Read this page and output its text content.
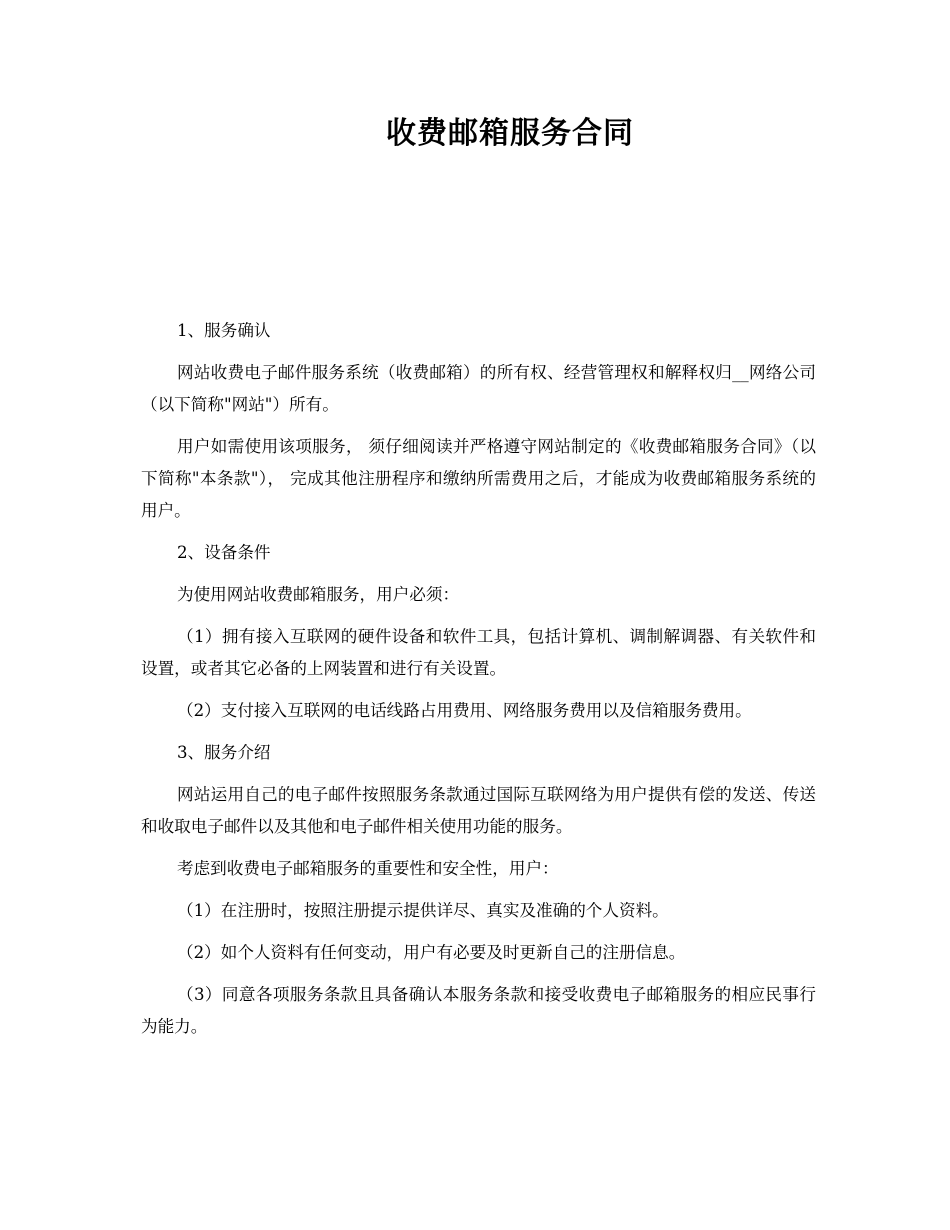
收费邮箱服务合同

1、服务确认

网站收费电子邮件服务系统（收费邮箱）的所有权、经营管理权和解释权归__网络公司（以下简称"网站"）所有。

用户如需使用该项服务， 须仔细阅读并严格遵守网站制定的《收费邮箱服务合同》（以下简称"本条款"）， 完成其他注册程序和缴纳所需费用之后，才能成为收费邮箱服务系统的用户。

2、设备条件

为使用网站收费邮箱服务，用户必须：

（1）拥有接入互联网的硬件设备和软件工具，包括计算机、调制解调器、有关软件和设置，或者其它必备的上网装置和进行有关设置。

（2）支付接入互联网的电话线路占用费用、网络服务费用以及信箱服务费用。

3、服务介绍

网站运用自己的电子邮件按照服务条款通过国际互联网络为用户提供有偿的发送、传送和收取电子邮件以及其他和电子邮件相关使用功能的服务。

考虑到收费电子邮箱服务的重要性和安全性，用户：

（1）在注册时，按照注册提示提供详尽、真实及准确的个人资料。

（2）如个人资料有任何变动，用户有必要及时更新自己的注册信息。

（3）同意各项服务条款且具备确认本服务条款和接受收费电子邮箱服务的相应民事行为能力。
